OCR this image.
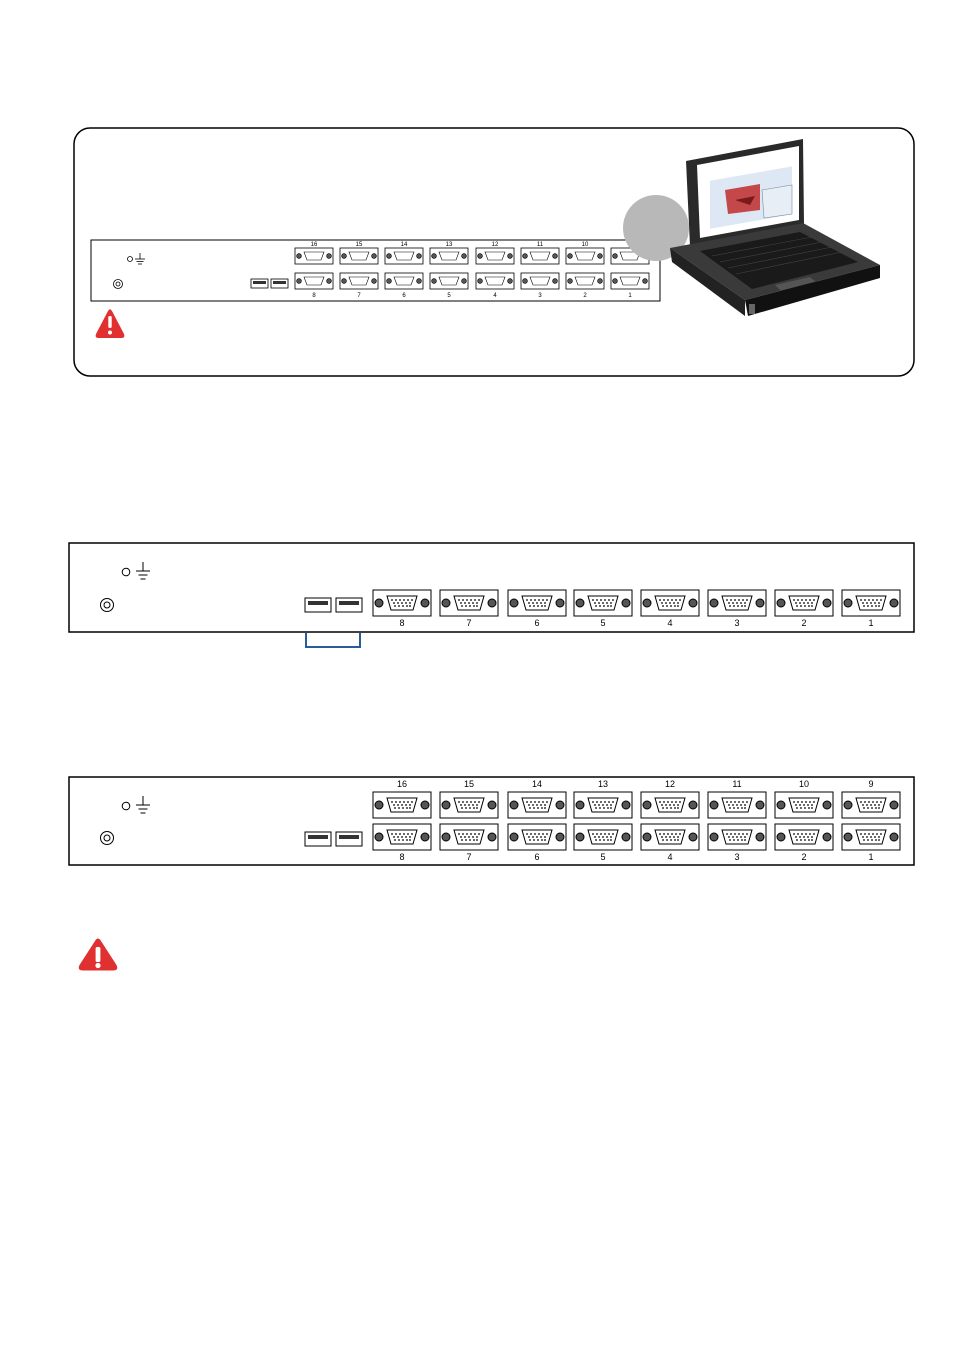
16	15	14	13	12	11	10
8	7	6	5	4	3	2	1
8	7	6	5	4	3	2	1
16	15	14	13	12	11	10	9
8	7	6	5	4	3	2	1
